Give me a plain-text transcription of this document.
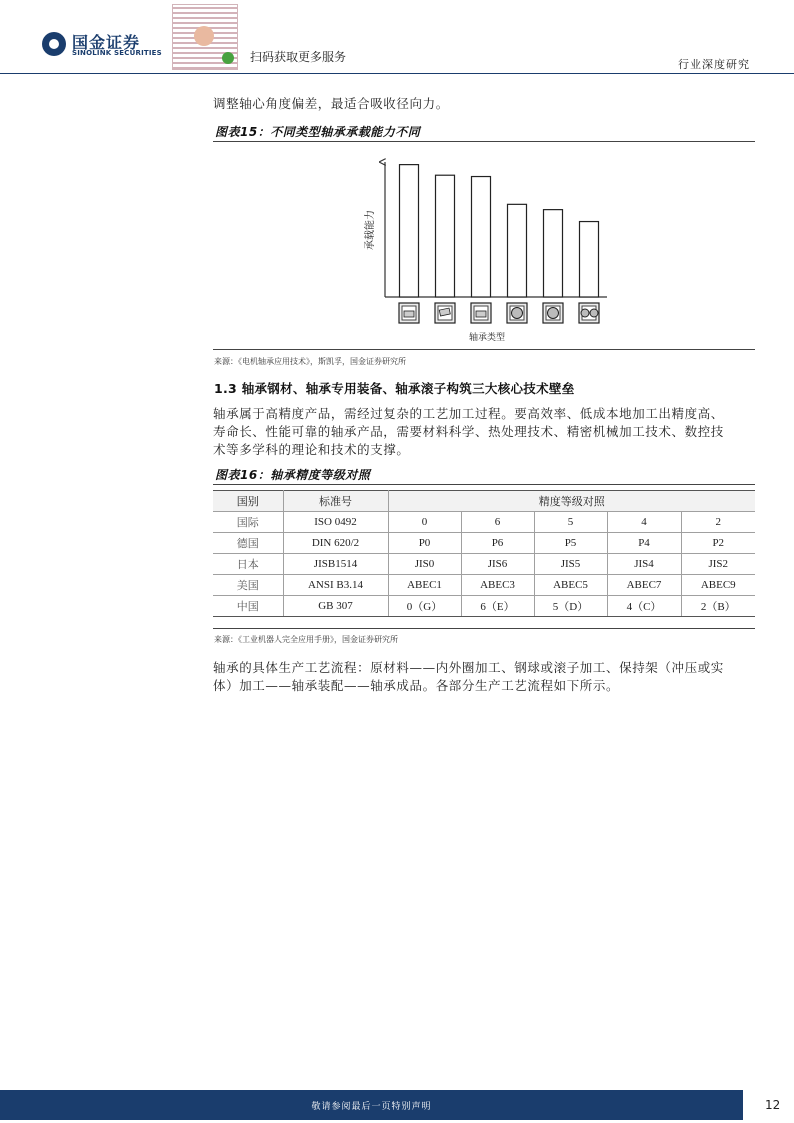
国金证券
SINOLINK SECURITIES	扫码获取更多服务
行业深度研究
调整轴心角度偏差，最适合吸收径向力。
图表15：不同类型轴承承载能力不同
承载能力
轴承类型
来源：《电机轴承应用技术》，斯凯孚，国金证券研究所
1.3 轴承钢材、轴承专用装备、轴承滚子构筑三大核心技术壁垒
轴承属于高精度产品，需经过复杂的工艺加工过程。要高效率、低成本地加工出精度高、
寿命长、性能可靠的轴承产品，需要材料科学、热处理技术、精密机械加工技术、数控技
术等多学科的理论和技术的支撑。
图表16：轴承精度等级对照
国别	标准号	精度等级对照				
国际	ISO 0492	0	6	5	4	2
德国	DIN 620/2	P0	P6	P5	P4	P2
日本	JISB1514	JIS0	JIS6	JIS5	JIS4	JIS2
美国	ANSI B3.14	ABEC1	ABEC3	ABEC5	ABEC7	ABEC9
中国	GB 307	0（G）	6（E）	5（D）	4（C）	2（B）
来源：《工业机器人完全应用手册》，国金证券研究所
轴承的具体生产工艺流程：原材料——内外圈加工、钢球或滚子加工、保持架（冲压或实
体）加工——轴承装配——轴承成品。各部分生产工艺流程如下所示。
敬请参阅最后一页特别声明	12
